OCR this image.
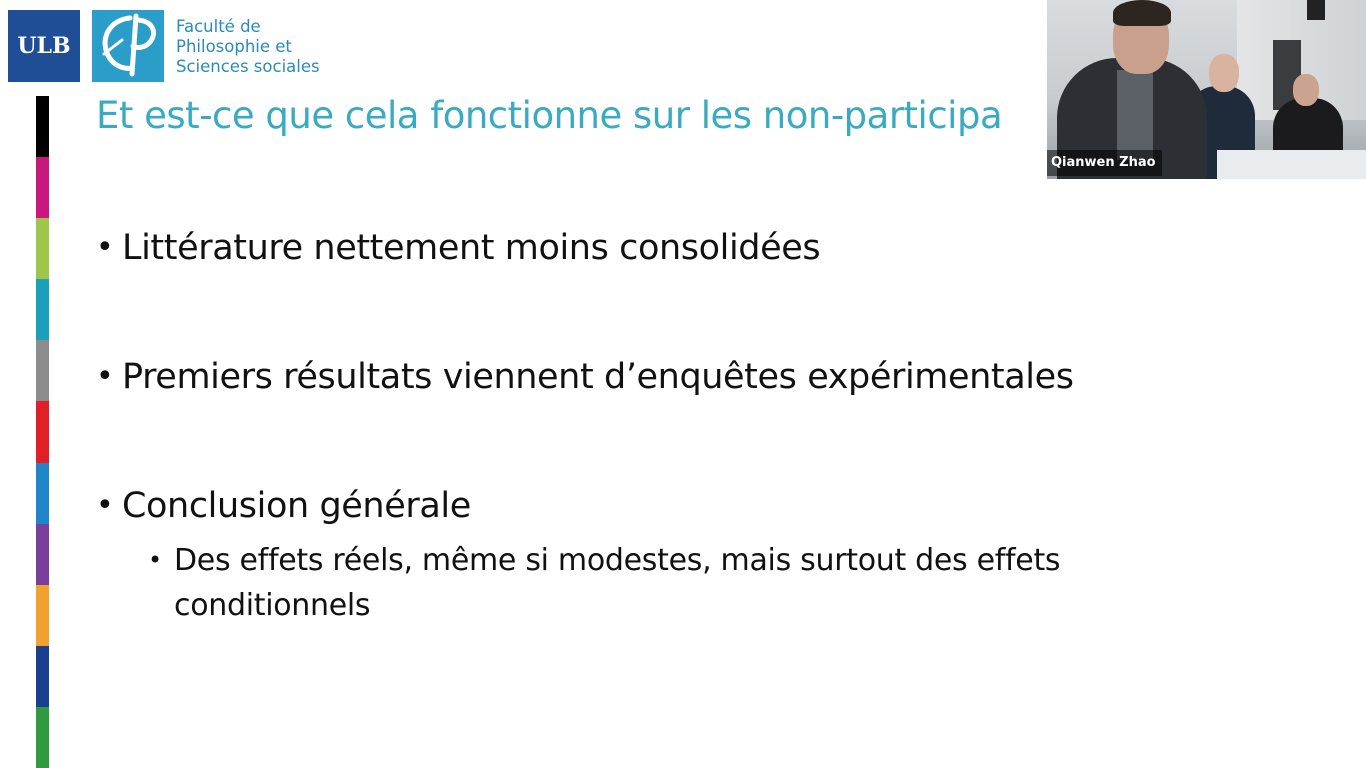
ULB
Faculté de
Philosophie et
Sciences sociales
Et est-ce que cela fonctionne sur les non-participa
• Littérature nettement moins consolidées
• Premiers résultats viennent d’enquêtes expérimentales
• Conclusion générale
• Des effets réels, même si modestes, mais surtout des effets conditionnels
Qianwen Zhao
